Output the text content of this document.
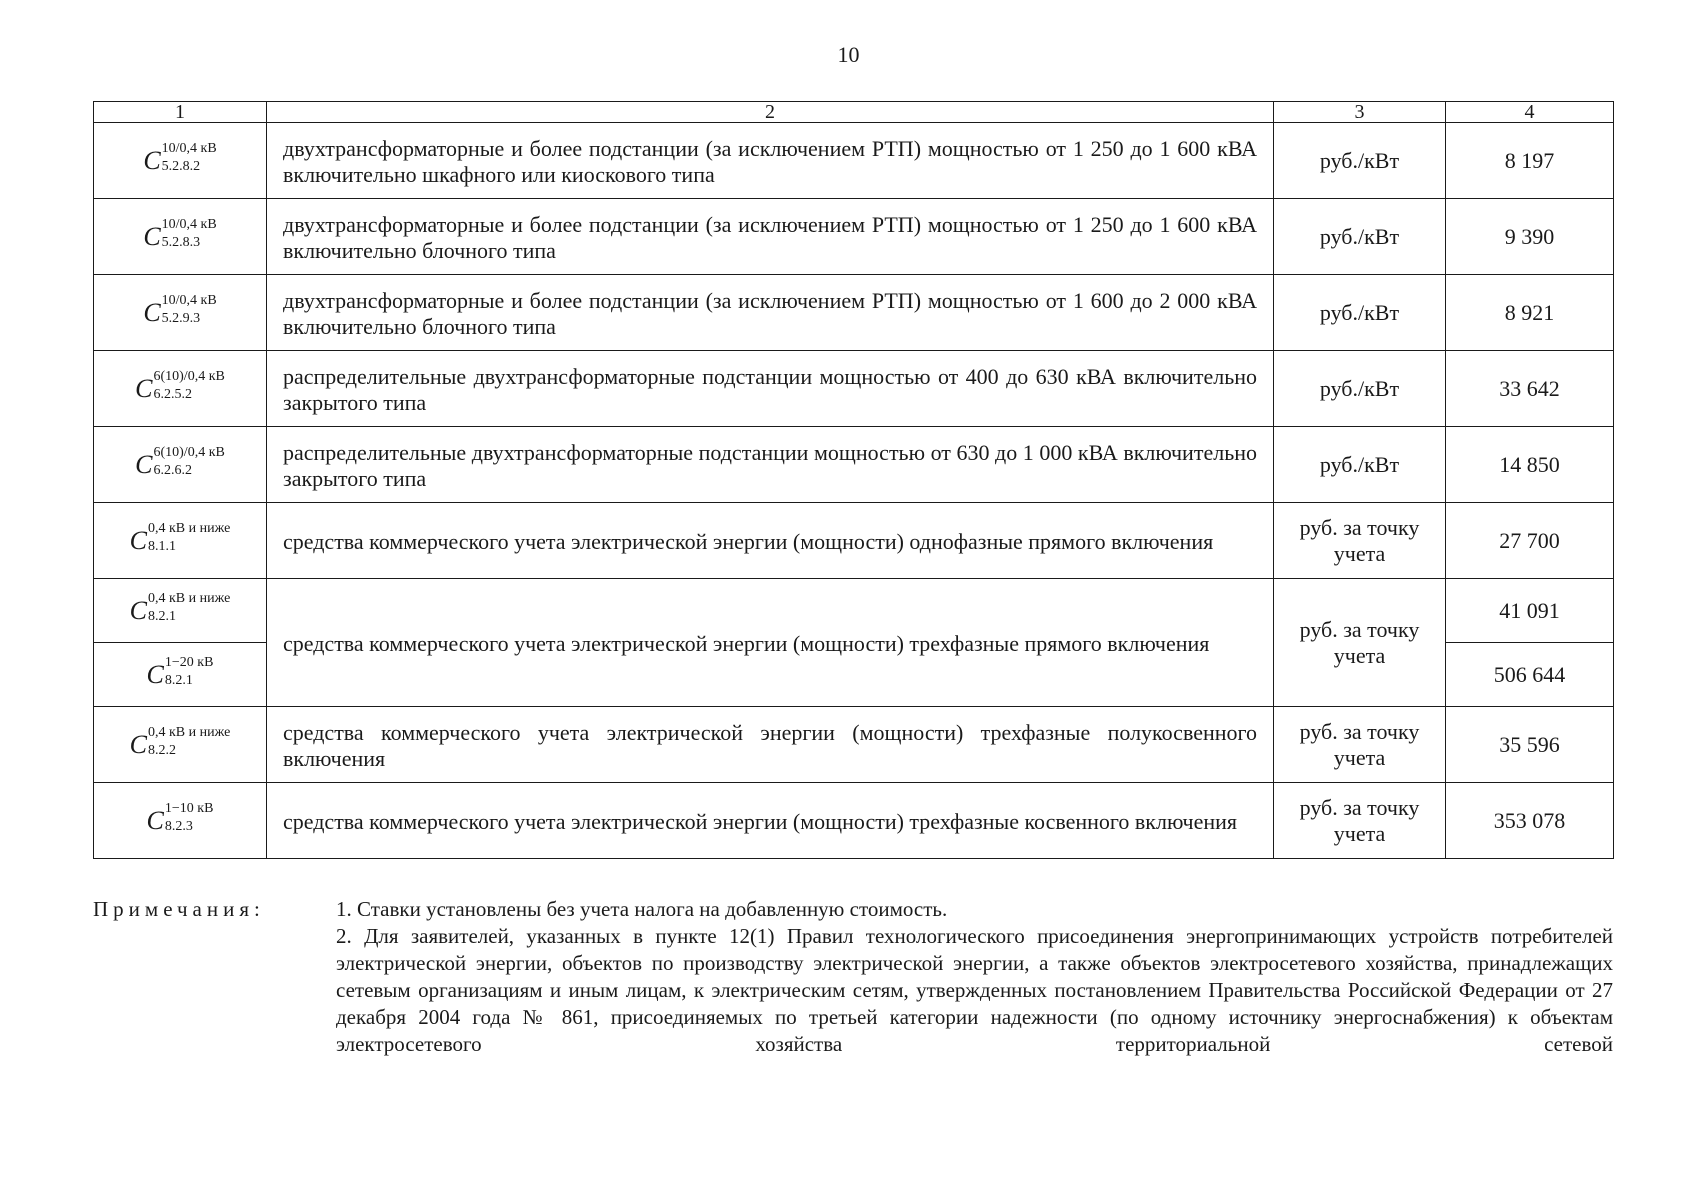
10
1	2	3	4

C 10/0,4 кВ
5.2.8.2	двухтрансформаторные и более подстанции (за исключением РТП) мощностью от 1 250 до 1 600 кВА включительно шкафного или киоскового типа	руб./кВт	8 197

C 10/0,4 кВ
5.2.8.3	двухтрансформаторные и более подстанции (за исключением РТП) мощностью от 1 250 до 1 600 кВА включительно блочного типа	руб./кВт	9 390

C 10/0,4 кВ
5.2.9.3	двухтрансформаторные и более подстанции (за исключением РТП) мощностью от 1 600 до 2 000 кВА включительно блочного типа	руб./кВт	8 921

C 6(10)/0,4 кВ
6.2.5.2	распределительные двухтрансформаторные подстанции мощностью от 400 до 630 кВА включительно закрытого типа	руб./кВт	33 642

C 6(10)/0,4 кВ
6.2.6.2	распределительные двухтрансформаторные подстанции мощностью от 630 до 1 000 кВА включительно закрытого типа	руб./кВт	14 850

C 0,4 кВ и ниже
8.1.1	средства коммерческого учета электрической энергии (мощности) однофазные прямого включения	руб. за точку учета	27 700

C 0,4 кВ и ниже
8.2.1	средства коммерческого учета электрической энергии (мощности) трехфазные прямого включения	руб. за точку учета	41 091

C 1−20 кВ
8.2.1			506 644

C 0,4 кВ и ниже
8.2.2	средства коммерческого учета электрической энергии (мощности) трехфазные полукосвенного включения	руб. за точку учета	35 596

C 1−10 кВ
8.2.3	средства коммерческого учета электрической энергии (мощности) трехфазные косвенного включения	руб. за точку учета	353 078
Примечания:	1. Ставки установлены без учета налога на добавленную стоимость.

2. Для заявителей, указанных в пункте 12(1) Правил технологического присоединения энергопринимающих устройств потребителей электрической энергии, объектов по производству электрической энергии, а также объектов электросетевого хозяйства, принадлежащих сетевым организациям и иным лицам, к электрическим сетям, утвержденных постановлением Правительства Российской Федерации от 27 декабря 2004 года № 861, присоединяемых по третьей категории надежности (по одному источнику энергоснабжения) к объектам электросетевого хозяйства территориальной сетевой
